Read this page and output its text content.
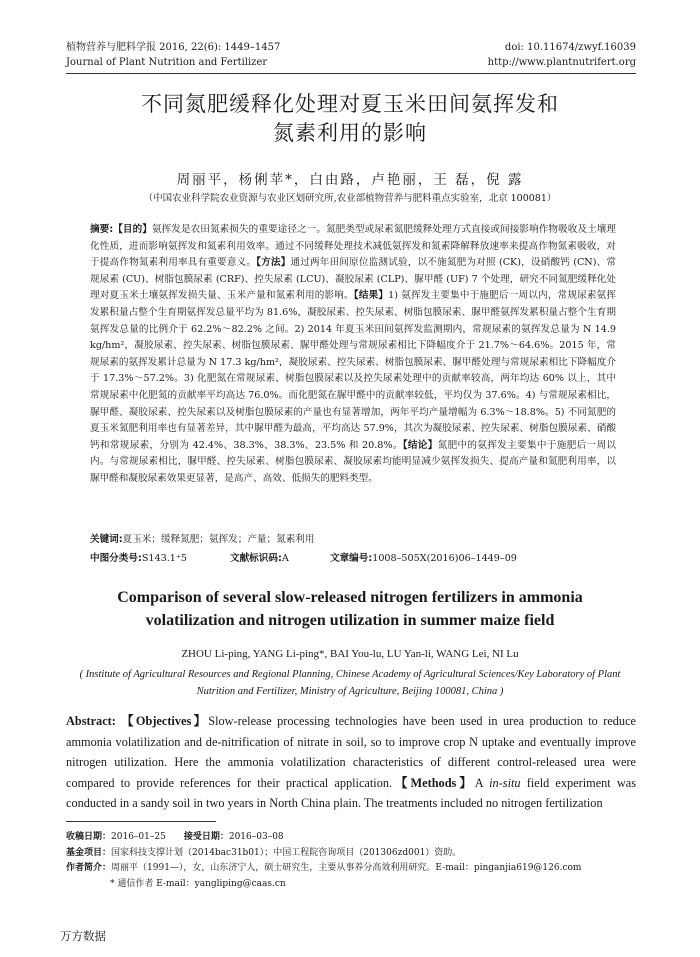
植物营养与肥料学报 2016, 22(6): 1449–1457
Journal of Plant Nutrition and Fertilizer
doi: 10.11674/zwyf.16039
http://www.plantnutrifert.org
不同氮肥缓释化处理对夏玉米田间氨挥发和
氮素利用的影响
周丽平，杨俐苹*，白由路，卢艳丽，王 磊，倪 露
（中国农业科学院农业资源与农业区划研究所,农业部植物营养与肥料重点实验室，北京 100081）
摘要:【目的】氨挥发是农田氮素损失的重要途径之一。氮肥类型或尿素氮肥缓释处理方式直接或间接影响作物吸收及土壤理化性质，进而影响氨挥发和氮素利用效率。通过不同缓释处理技术减低氨挥发和氮素降解释放速率来提高作物氮素吸收，对于提高作物氮素利用率具有重要意义。【方法】通过两年田间原位监测试验，以不施氮肥为对照 (CK)，设硝酸钙 (CN)、常规尿素 (CU)、树脂包膜尿素 (CRF)、控失尿素 (LCU)、凝胶尿素 (CLP)、脲甲醛 (UF) 7 个处理，研究不同氮肥缓释化处理对夏玉米土壤氨挥发损失量、玉米产量和氮素利用的影响。【结果】1) 氨挥发主要集中于施肥后一周以内，常规尿素氨挥发累积量占整个生育期氨挥发总量平均为 81.6%，凝胶尿素、控失尿素、树脂包膜尿素、脲甲醛氨挥发累积量占整个生育期氨挥发总量的比例介于 62.2%～82.2% 之间。2) 2014 年夏玉米田间氨挥发监测期内，常规尿素的氨挥发总量为 N 14.9 kg/hm²，凝胶尿素、控失尿素、树脂包膜尿素、脲甲醛处理与常规尿素相比下降幅度介于 21.7%～64.6%。2015 年，常规尿素的氨挥发累计总量为 N 17.3 kg/hm²，凝胶尿素、控失尿素、树脂包膜尿素、脲甲醛处理与常规尿素相比下降幅度介于 17.3%～57.2%。3) 化肥氮在常规尿素、树脂包膜尿素以及控失尿素处理中的贡献率较高，两年均达 60% 以上，其中常规尿素中化肥氮的贡献率平均高达 76.0%。而化肥氮在脲甲醛中的贡献率较低，平均仅为 37.6%。4) 与常规尿素相比，脲甲醛、凝胶尿素、控失尿素以及树脂包膜尿素的产量也有显著增加，两年平均产量增幅为 6.3%～18.8%。5) 不同氮肥的夏玉米氮肥利用率也有显著差异，其中脲甲醛为最高，平均高达 57.9%，其次为凝胶尿素、控失尿素、树脂包膜尿素、硝酸钙和常规尿素，分别为 42.4%、38.3%、38.3%、23.5% 和 20.8%。【结论】氮肥中的氨挥发主要集中于施肥后一周以内。与常规尿素相比，脲甲醛、控失尿素、树脂包膜尿素、凝胶尿素均能明显减少氨挥发损失、提高产量和氮肥利用率，以脲甲醛和凝胶尿素效果更显著，是高产、高效、低损失的肥料类型。
关键词:夏玉米；缓释氮肥；氨挥发；产量；氮素利用
中图分类号:S143.1⁺5	文献标识码:A	文章编号:1008–505X(2016)06–1449–09
Comparison of several slow-released nitrogen fertilizers in ammonia
volatilization and nitrogen utilization in summer maize field
ZHOU Li-ping, YANG Li-ping*, BAI You-lu, LU Yan-li, WANG Lei, NI Lu
( Institute of Agricultural Resources and Regional Planning, Chinese Academy of Agricultural Sciences/Key Laboratory of Plant
Nutrition and Fertilizer, Ministry of Agriculture, Beijing 100081, China )
Abstract: 【Objectives】Slow-release processing technologies have been used in urea production to reduce ammonia volatilization and de-nitrification of nitrate in soil, so to improve crop N uptake and eventually improve nitrogen utilization. Here the ammonia volatilization characteristics of different control-released urea were compared to provide references for their practical application.【Methods】A in-situ field experiment was conducted in a sandy soil in two years in North China plain. The treatments included no nitrogen fertilization
收稿日期：2016–01–25 接受日期：2016–03–08
基金项目：国家科技支撑计划（2014bac31b01）；中国工程院咨询项目（201306zd001）资助。
作者简介：周丽平（1991—），女，山东济宁人，硕士研究生，主要从事养分高效利用研究。E-mail：pinganjia619@126.com
* 通信作者 E-mail：yangliping@caas.cn
万方数据
